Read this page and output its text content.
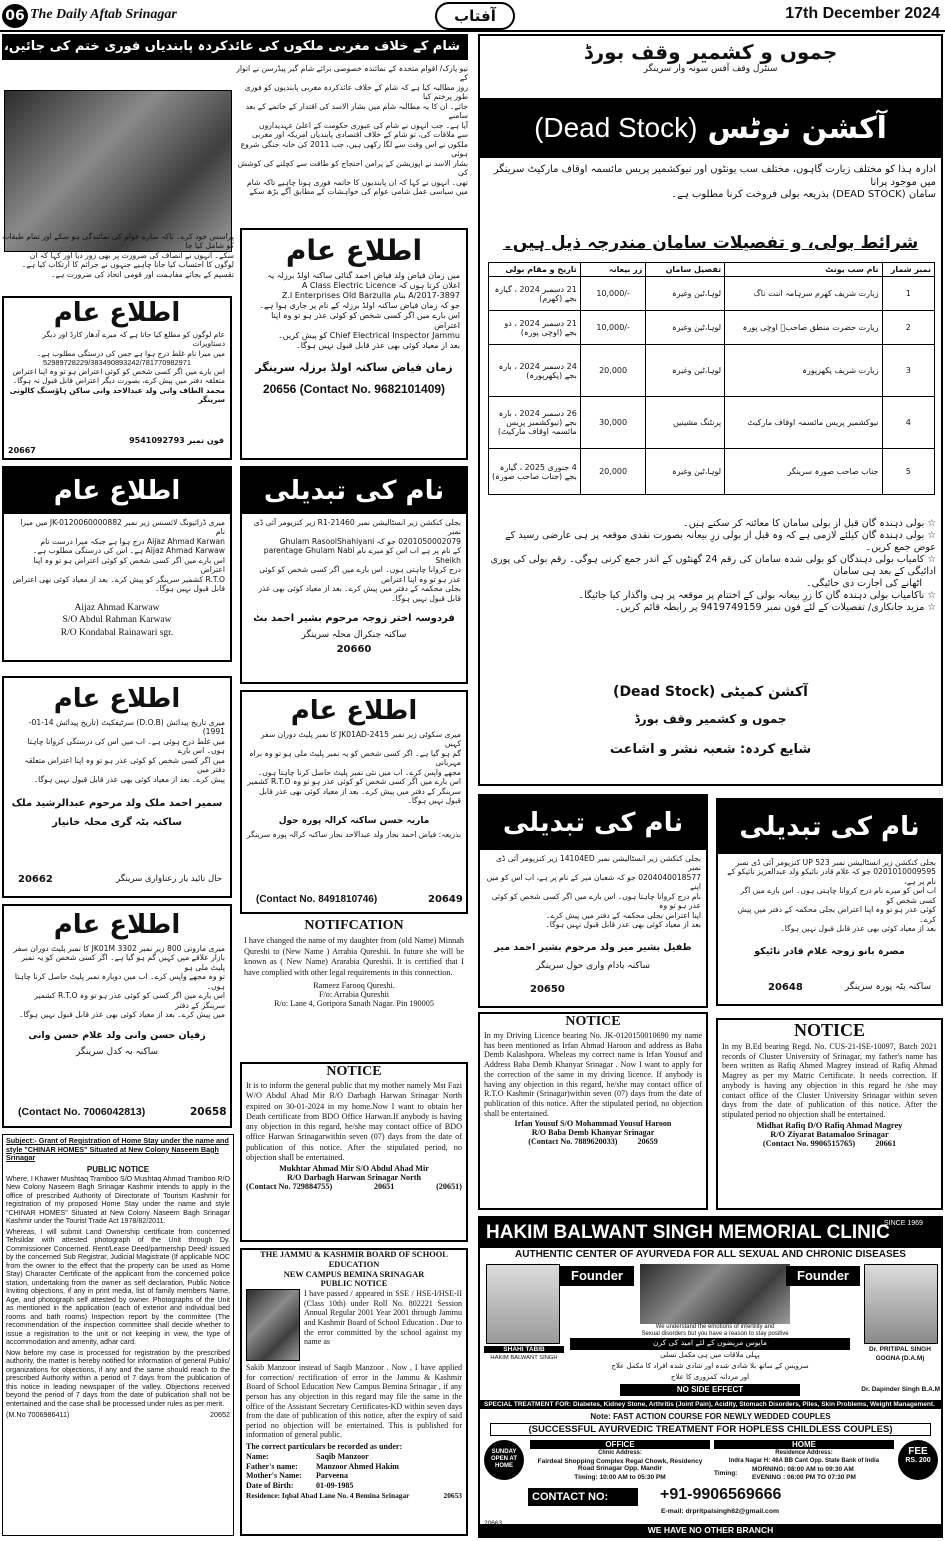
06 The Daily Aftab Srinagar	آفتاب	17th December 2024
شام کے خلاف مغربی ملکوں کی عائدکردہ پابندیاں فوری ختم کی جائیں، اقوام متحدہ
نیو یارک/ اقوام متحدہ کے نمائندہ خصوصی برائے شام گیر پیڈرسن نے اتوار کے
روز مطالبہ کیا ہے کہ شام کے خلاف عائدکردہ مغربی پابندیوں کو فوری طور پرختم کیا
جائے۔ ان کا یہ مطالبہ شام میں بشار الاسد کی اقتدار کے خاتمے کے بعد سامنے
آیا ہے۔ جب انہوں نے شام کی عبوری حکومت کے اعلیٰ عہدیداروں
سے ملاقات کی، تو شام کے خلاف اقتصادی پابندیاں امریکہ اور مغربی
ملکوں نے اس وقت سے لگا رکھی ہیں، جب 2011 کی خانہ جنگی شروع ہوئی
بشار الاسد نے اپوزیشن کے پرامن احتجاج کو طاقت سے کچلنے کی کوشش کی
تھی۔ انہوں نے کہا کہ ان پابندیوں کا خاتمہ فوری ہونا چاہیے تاکہ شام
میں سیاسی عمل شامی عوام کی خواہشات کے مطابق آگے بڑھ سکے
پراسس خود کرے۔ تاکہ سارے عوام کی نمائندگی ہو سکے اور تمام طبقات کو شامل کیا جا
سکے۔ انہوں نے انصاف کی ضرورت پر بھی زور دیا اور کہا کہ ان
لوگوں کا احتساب کیا جانا چاہیے جنہوں نے جرائم کا ارتکاب کیا ہے۔
تقسیم کے بجائے مفاہمت اور قومی اتحاد کی ضرورت ہے۔
اطلاع عام
میں زمان فیاض ولد فیاض احمد گنائی ساکنہ اولڈ برزلہ یہ
اعلان کرتا ہوں کہ A Class Electric Licence
3897-A/2017 بنام Z.I Enterprises Old Barzulla
جو کہ زمان فیاض ساکنہ اولڈ برزلہ کے نام پر جاری ہوا ہے۔
اس بارے میں اگر کسی شخص کو کوئی عذر ہو تو وہ اپنا اعتراض
Chief Electrical Inspector Jammu کو پیش کریں۔
بعد از معیاد کوئی بھی عذر قابل قبول نہیں ہوگا۔
زمان فیاض ساکنہ اولڈ برزلہ سرینگر
20656 (Contact No. 9682101409)
اطلاع عام
عام لوگوں کو مطلع کیا جاتا ہے کہ میرے آدھار کارڈ اور دیگر دستاویزات
میں میرا نام غلط درج ہوا ہے جس کی درستگی مطلوب ہے۔
52989728229/383490893242/781770982971
اس بارے میں اگر کسی شخص کو کوئی اعتراض ہو تو وہ اپنا اعتراض
متعلقہ دفتر میں پیش کرے، بصورت دیگر اعتراض قابل قبول نہ ہوگا۔
محمد الطاف وانی ولد عبدالاحد وانی ساکن ہاؤسنگ کالونی سرینگر
فون نمبر 9541092793
20667
اطلاع عام
میری ڈرائیونگ لائسنس زیر نمبر JK-0120060000882 میں میرا نام
Aijaz Ahmad Karwan درج ہوا ہے جبکہ میرا درست نام
Aijaz Ahmad Karwaw ہے۔ اس کی درستگی مطلوب ہے۔
اس بارے میں اگر کسی شخص کو کوئی اعتراض ہو تو وہ اپنا اعتراض
R.T.O کشمیر سرینگر کو پیش کرے۔ بعد از معیاد کوئی بھی اعتراض قابل قبول نہیں ہوگا۔
Aijaz Ahmad Karwaw
S/O Abdul Rahman Karwaw
R/O Kondabal Rainawari sgr.
نام کی تبدیلی
بجلی کنکشن زیر انسٹالیشن نمبر R1-21460 زیر کنزیومر آئی ڈی نمبر
0201050002079 جو کہ Ghulam RasoolShahiyani
کے نام پر ہے اب اس کو میرے نام parentage Ghulam Nabi Sheikh
درج کروانا چاہتی ہوں۔ اس بارے میں اگر کسی شخص کو کوئی عذر ہو تو وہ اپنا اعتراض
بجلی محکمہ کے دفتر میں پیش کرے۔ بعد از معیاد کوئی بھی عذر قابل قبول نہیں ہوگا۔
فردوسہ اختر زوجہ مرحوم بشیر احمد بٹ
ساکنہ جنکرال محلہ سرینگر
20660
اطلاع عام
میری تاریخ پیدائش (D.O.B) سرٹیفکیٹ (تاریخ پیدائش 14-01-1991)
میں غلط درج ہوئی ہے۔ اب میں اس کی درستگی کروانا چاہتا ہوں۔ اس بارے
میں اگر کسی شخص کو کوئی عذر ہو تو وہ اپنا اعتراض متعلقہ دفتر میں
پیش کرے۔ بعد از معیاد کوئی بھی عذر قابل قبول نہیں ہوگا۔
سمیر احمد ملک ولد مرحوم عبدالرشید ملک
ساکنہ بٹہ گری محلہ خانیار
حال نائید یار رعناواری سرینگر
20662
اطلاع عام
میری سکوٹی زیر نمبر JK01AD-2415 کا نمبر پلیٹ دوران سفر کہیں
گم ہو گیا ہے۔ اگر کسی شخص کو یہ نمبر پلیٹ ملی ہو تو وہ براہ مہربانی
مجھے واپس کرے۔ اب میں نئی نمبر پلیٹ حاصل کرنا چاہتا ہوں۔
اس بارے میں اگر کسی شخص کو کوئی عذر ہو تو وہ R.T.O کشمیر
سرینگر کے دفتر میں پیش کرے۔ بعد از معیاد کوئی بھی عذر قابل قبول نہیں ہوگا۔
ماریہ حسن ساکنہ کرالہ پورہ حول
بذریعہ: فیاض احمد نجار ولد عبدالاحد نجار ساکنہ کرالہ پورہ سرینگر
(Contact No. 8491810746)	20649
اطلاع عام
میری ماروتی 800 زیر نمبر JK01M 3302 کا نمبر پلیٹ دوران سفر
بازار علاقے میں کہیں گم ہو گیا ہے۔ اگر کسی شخص کو یہ نمبر پلیٹ ملی ہو
تو وہ مجھے واپس کرے۔ اب میں دوبارہ نمبر پلیٹ حاصل کرنا چاہتا ہوں۔
اس بارے میں اگر کسی کو کوئی عذر ہو تو وہ R.T.O کشمیر سرینگر کے دفتر
میں پیش کرے۔ بعد از معیاد کوئی بھی عذر قابل قبول نہیں ہوگا۔
زفیان حسن وانی ولد غلام حسن وانی
ساکنہ بہ کدل سرینگر
(Contact No. 7006042813)	20658
NOTIFCATION
I have changed the name of my daughter from (old Name) Minnah Qureshi to (New Name ) Arrabia Qureshii. In future she will be known as ( New Name) Ararabia Qureshii. It is certified that I have complied with other legal requirements in this connection.
Rameez Farooq Qureshi.
F/o: Arrabia Qureshii
R/o: Lane 4, Goripora Sanath Nagar. Pin 190005
NOTICE
It is to inform the general public that my mother namely Mst Fazi W/O Abdul Ahad Mir R/O Darbagh Harwan Srinagar North expired on 30-01-2024 in my home.Now I want to obtain her Death certificate from BDO Office Harwan.If anybody is having any objection in this regard, he/she may contact office of BDO office Harwan Srinagarwithin seven (07) days from the date of publication of this notice. After the stipulated period, no objection shall be entertained.
Mukhtar Ahmad Mir S/O Abdul Ahad Mir
R/O Darbagh Harwan Srinagar North
(Contact No. 729884755)	20651	(20651)
Subject:- Grant of Registration of Home Stay under the name and style "CHINAR HOMES" Situated at New Colony Naseem Bagh Srinagar
PUBLIC NOTICE
Where, I Khawer Mushtaq Tramboo S/O Mushtaq Ahmad Tramboo R/O New Colony Naseem Bagh Srinagar Kashmir intends to apply in the office of prescribed Authority of Directorate of Tourism Kashmir for registration of my proposed Home Stay under the name and style "CHINAR HOMES" Situated at New Colony Naseem Bagh Srinagar Kashmir under the Tourist Trade Act 1978/82/2011.
Whereas, I will submit Land Ownership certificate from concerned Tehsildar with attested photograph of the Unit through Dy. Commissioner Concerned. Rent/Lease Deed/partnership Deed/ issued by the concerned Sub Registrar, Judicial Magistrate (If applicable NOC from the owner to the effect that the property can be used as Home Stay) Character Certificate of the applicant from the concerned police station, undertaking from the owner as self declaration, Public Notice Inviting objections, if any in print media, list of family members Name, Age, and photograph self attested by owner. Photographs of the Unit as mentioned in the application (each of exterior and individual bed rooms and bath rooms) Inspection report by the committee (The recommendation of the inspection committee shall decide whether to issue a registration to the unit or not keeping in view, the type of accommodation and amenity, adhar card.
Now before my case is processed for registration by the prescribed authority, the matter is hereby notified for information of general Public/ organizations for objections, if any and the same should reach to the prescribed Authority within a period of 7 days from the publication of this notice in leading newspaper of the valley. Objections received beyond the period of 7 days from the date of publication shall not be entertained and the case shall be processed under rules as per merit.
(M.No 7006986411)	20652
THE JAMMU & KASHMIR BOARD OF SCHOOL EDUCATION
NEW CAMPUS BEMINA SRINAGAR
PUBLIC NOTICE
I have passed / appeared in SSE / HSE-I/HSE-II (Class 10th) under Roll No. 802221 Session Annual Regular 2001 Year 2001 through Jammu and Kashmir Board of School Education . Due to the error committed by the school against my name as
Sakib Manzoor instead of Saqib Manzoor . Now , I have applied for correction/ rectification of error in the Jammu & Kashmir Board of School Education New Campus Bemina Srinagar , if any person has any objection in this regard may file the same in the office of the Assistant Secretary Certificates-KD within seven days from the date of publication of this notice, after the expiry of said period no objection will be entertained. This is published for information of general public.
The correct particulars be recorded as under:
Name:	Saqib Manzoor
Father's name:	Manzoor Ahmed Hakim
Mother's Name:	Parveena
Date of Birth:	01-09-1985
Residence: Iqbal Abad Lane No. 4 Bemina Srinagar	20653
جموں و کشمیر وقف بورڈ
سنٹرل وقف آفس سونہ وار سرینگر
(Dead Stock) آکشن نوٹس
ادارہ ہذا کو مختلف زیارت گاہوں، مختلف سب یونٹوں اور نیوکشمیر پریس مائسمہ اوقاف مارکیٹ سرینگر میں موجود پرانا
سامان (DEAD STOCK) بذریعہ بولی فروخت کرنا مطلوب ہے۔
شرائط بولی، و تفصیلات سامان مندرجہ ذیل ہیں۔
تاریخ و مقام بولی	زر بیعانہ	تفصیل سامان	نام سب یونٹ	نمبر شمار
21 دسمبر 2024 ، گیارہ بجے (کھرم)	10,000/-	لوہا،ٹین وغیرہ	زیارت شریف کھرم سرہامہ اننت ناگ	1
21 دسمبر 2024 ، دو بجے (اوچی پورہ)	10,000/-	لوہا،ٹین وغیرہ	زیارت حضرت منطق صاحبؒ اوچی پورہ	2
24 دسمبر 2024 ، بارہ بجے (پکھرپورہ)	20,000	لوہا،ٹین وغیرہ	زیارت شریف پکھرپورہ	3
26 دسمبر 2024 ، بارہ بجے (نیوکشمیر پریس مائسمہ اوقاف مارکیٹ)	30,000	پرنٹنگ مشینیں	نیوکشمیر پریس مائسمہ اوقاف مارکیٹ	4
4 جنوری 2025 ، گیارہ بجے (جناب صاحب صورہ)	20,000	لوہا،ٹین وغیرہ	جناب صاحب صورہ سرینگر	5
☆ بولی دہندہ گان قبل از بولی سامان کا معائنہ کر سکتے ہیں۔
☆ بولی دہندہ گان کیلئے لازمی ہے کہ وہ قبل از بولی زرِ بیعانہ بصورت نقدی موقعہ پر ہی عارضی رسید کے عوض جمع کریں۔
☆ کامیاب بولی دہندگان کو بولی شدہ سامان کی رقم 24 گھنٹوں کے اندر جمع کرنی ہوگی۔ رقم بولی کی پوری ادائیگی کے بعد ہی سامان
اٹھانے کی اجازت دی جائیگی۔
☆ ناکامیاب بولی دہندہ گان کا زرِ بیعانہ بولی کے اختتام پر موقعہ پر ہی واگذار کیا جائیگا۔
☆ مزید جانکاری/ تفصیلات کے لئے فون نمبر 9419749159 پر رابطہ قائم کریں۔
آکشن کمیٹی (Dead Stock)
جموں و کشمیر وقف بورڈ
شایع کردہ: شعبہ نشر و اشاعت
نام کی تبدیلی
بجلی کنکشن زیر انسٹالیشن نمبر 14104ED زیر کنزیومر آئی ڈی نمبر
0204040018577 جو کہ شعبان میر کے نام پر ہے، اب اس کو میں اپنے
نام درج کروانا چاہتا ہوں۔ اس بارے میں اگر کسی شخص کو کوئی عذر ہو تو وہ
اپنا اعتراض بجلی محکمہ کے دفتر میں پیش کرے۔
بعد از معیاد کوئی بھی عذر قابل قبول نہیں ہوگا۔
طفیل بشیر میر ولد مرحوم بشیر احمد میر
ساکنہ بادام واری حول سرینگر
20650
نام کی تبدیلی
بجلی کنکشن زیر انسٹالیشن نمبر UP 523 کنزیومر آئی ڈی نمبر
0201010009595 جو کہ غلام قادر نائیکو ولد عبدالعزیز نائیکو کے نام پر ہے،
اب اس کو میرے نام درج کروانا چاہتی ہوں۔ اس بارے میں اگر کسی شخص کو
کوئی عذر ہو تو وہ اپنا اعتراض بجلی محکمہ کے دفتر میں پیش کرے۔
بعد از معیاد کوئی بھی عذر قابل قبول نہیں ہوگا۔
مصرہ بانو زوجہ غلام قادر نائیکو
20648	ساکنہ بٹہ پورہ سرینگر
NOTICE
In my Driving Licence bearing No. JK-0120150010690 my name has been mentioned as Irfan Ahmad Haroon and address as Baba Demb Kalashpora. Wheleas my correct name is Irfan Yousuf and Address Baba Demb Khanyar Srinagar . Now I want to apply for the correction of the same in my driving licence. If anybody is having any objection in this regard, he/she may contact office of R.T.O Kashmir (Srinagar)within seven (07) days from the date of publication of this notice. After the stipulated period, no objection shall be entertained.
Irfan Yousuf S/O Mohammad Yousuf Haroon
R/O Baba Demb Khanyar Srinagar
(Contact No. 7889620033) 20659
NOTICE
In my B.Ed bearing Regd. No. CUS-21-ISE-10097, Batch 2021 records of Cluster University of Srinagar, my father's name has been written as Rafiq Ahmed Magrey instead of Rafiq Ahmad Magrey as per my Matric Certificate. It needs correction. If anybody is having any objection in this regard he /she may contact office of the Cluster University Srinagar within seven days from the date of publication of this notice. After the stipulated period no objection shall be entertained.
Midhat Rafiq D/O Rafiq Ahmad Magrey
R/O Ziyarat Batamaloo Srinagar
(Contact No. 9906515765) 20661
HAKIM BALWANT SINGH MEMORIAL CLINIC
SINCE 1969
AUTHENTIC CENTER OF AYURVEDA FOR ALL SEXUAL AND CHRONIC DISEASES
Founder
SHAHI TABIB
HAKIM BALWANT SINGH
We understand the emotions of infertility and
Sexual disorders but you have a reason to stay positive
Founder
Dr. PRITIPAL SINGH
GOGNA (D.A.M)
مایوس مریضوں کے لئے امید کی کرن
پہلی ملاقات میں ہی مکمل تسلی
سرویس کے ساتھ بلا شادی شدہ اور شادی شدہ افراد کا مکمل علاج
اور مردانہ کمزوری کا علاج
NO SIDE EFFECT	Dr. Dapinder Singh B.A.M
SPECIAL TREATMENT FOR: Diabetes, Kidney Stone, Arthritis (Joint Pain), Acidity, Stomach Disorders, Piles, Skin Problems, Weight Management.
Note: FAST ACTION COURSE FOR NEWLY WEDDED COUPLES
(SUCCESSFUL AYURVEDIC TREATMENT FOR HOPLESS CHILDLESS COUPLES)
SUNDAY OPEN AT HOME
OFFICE	HOME
Clinic Address:
Fairdeal Shopping Complex Regal Chowk, Residency Road Srinagar Opp. Mandir
Timing: 10:00 AM to 05:30 PM
Residence Address:
Indra Nagar H: 46A BB Cant Opp. State Bank of India
Timing:
MORNING: 08:00 AM to 09:30 AM
EVENING : 06:00 PM TO 07:30 PM
FEE
RS. 200
CONTACT NO:	+91-9906569666
E-mail: drpritpalsingh62@gmail.com
WE HAVE NO OTHER BRANCH
